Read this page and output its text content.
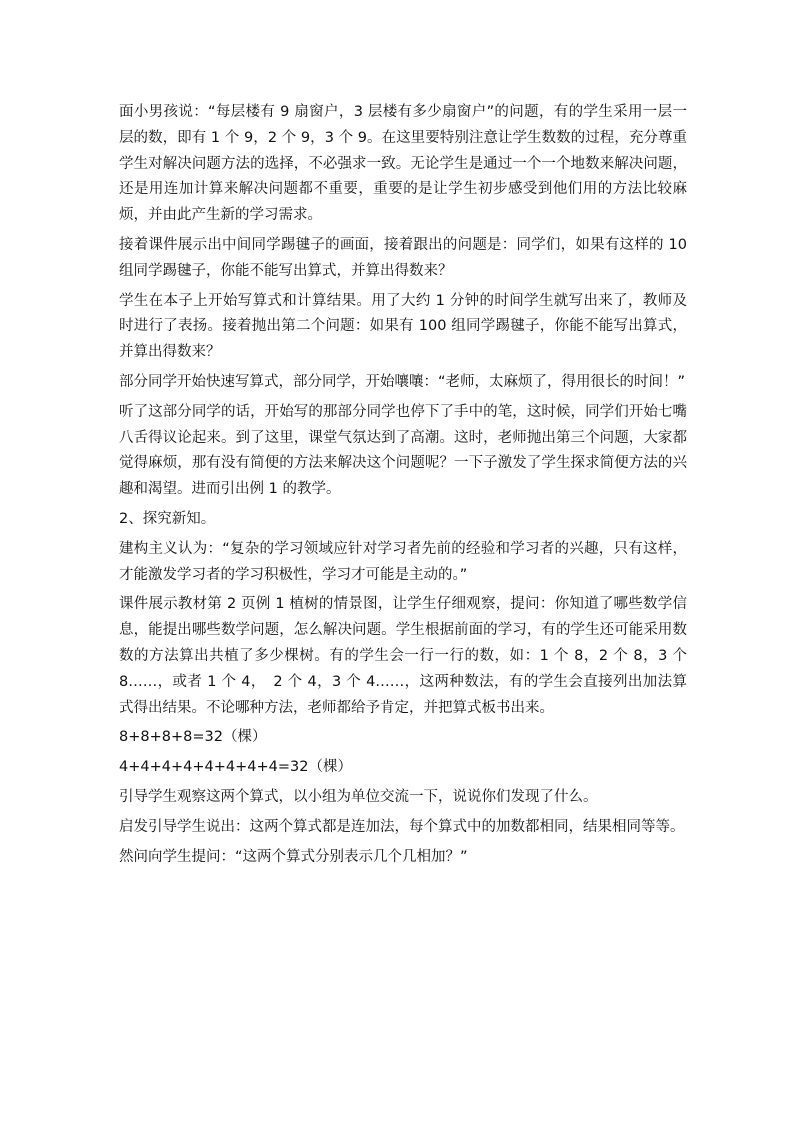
面小男孩说：“每层楼有 9 扇窗户，3 层楼有多少扇窗户”的问题，有的学生采用一层一层的数，即有 1 个 9，2 个 9，3 个 9。在这里要特别注意让学生数数的过程，充分尊重学生对解决问题方法的选择，不必强求一致。无论学生是通过一个一个地数来解决问题，还是用连加计算来解决问题都不重要，重要的是让学生初步感受到他们用的方法比较麻烦，并由此产生新的学习需求。

接着课件展示出中间同学踢毽子的画面，接着跟出的问题是：同学们，如果有这样的 10 组同学踢毽子，你能不能写出算式，并算出得数来？

学生在本子上开始写算式和计算结果。用了大约 1 分钟的时间学生就写出来了，教师及时进行了表扬。接着抛出第二个问题：如果有 100 组同学踢毽子，你能不能写出算式，并算出得数来？

部分同学开始快速写算式，部分同学，开始嚷嚷：“老师，太麻烦了，得用很长的时间！”

听了这部分同学的话，开始写的那部分同学也停下了手中的笔，这时候，同学们开始七嘴八舌得议论起来。到了这里，课堂气氛达到了高潮。这时，老师抛出第三个问题，大家都觉得麻烦，那有没有简便的方法来解决这个问题呢？一下子激发了学生探求简便方法的兴趣和渴望。进而引出例 1 的教学。

2、探究新知。

建构主义认为：“复杂的学习领域应针对学习者先前的经验和学习者的兴趣，只有这样，才能激发学习者的学习积极性，学习才可能是主动的。”

课件展示教材第 2 页例 1 植树的情景图，让学生仔细观察，提问：你知道了哪些数学信息，能提出哪些数学问题，怎么解决问题。学生根据前面的学习，有的学生还可能采用数数的方法算出共植了多少棵树。有的学生会一行一行的数，如：1 个 8，2 个 8，3 个 8……，或者 1 个 4，　2 个 4，3 个 4……，这两种数法，有的学生会直接列出加法算式得出结果。不论哪种方法，老师都给予肯定，并把算式板书出来。

8+8+8+8=32（棵）

4+4+4+4+4+4+4+4=32（棵）

引导学生观察这两个算式，以小组为单位交流一下，说说你们发现了什么。

启发引导学生说出：这两个算式都是连加法，每个算式中的加数都相同，结果相同等等。

然问向学生提问：“这两个算式分别表示几个几相加？”
